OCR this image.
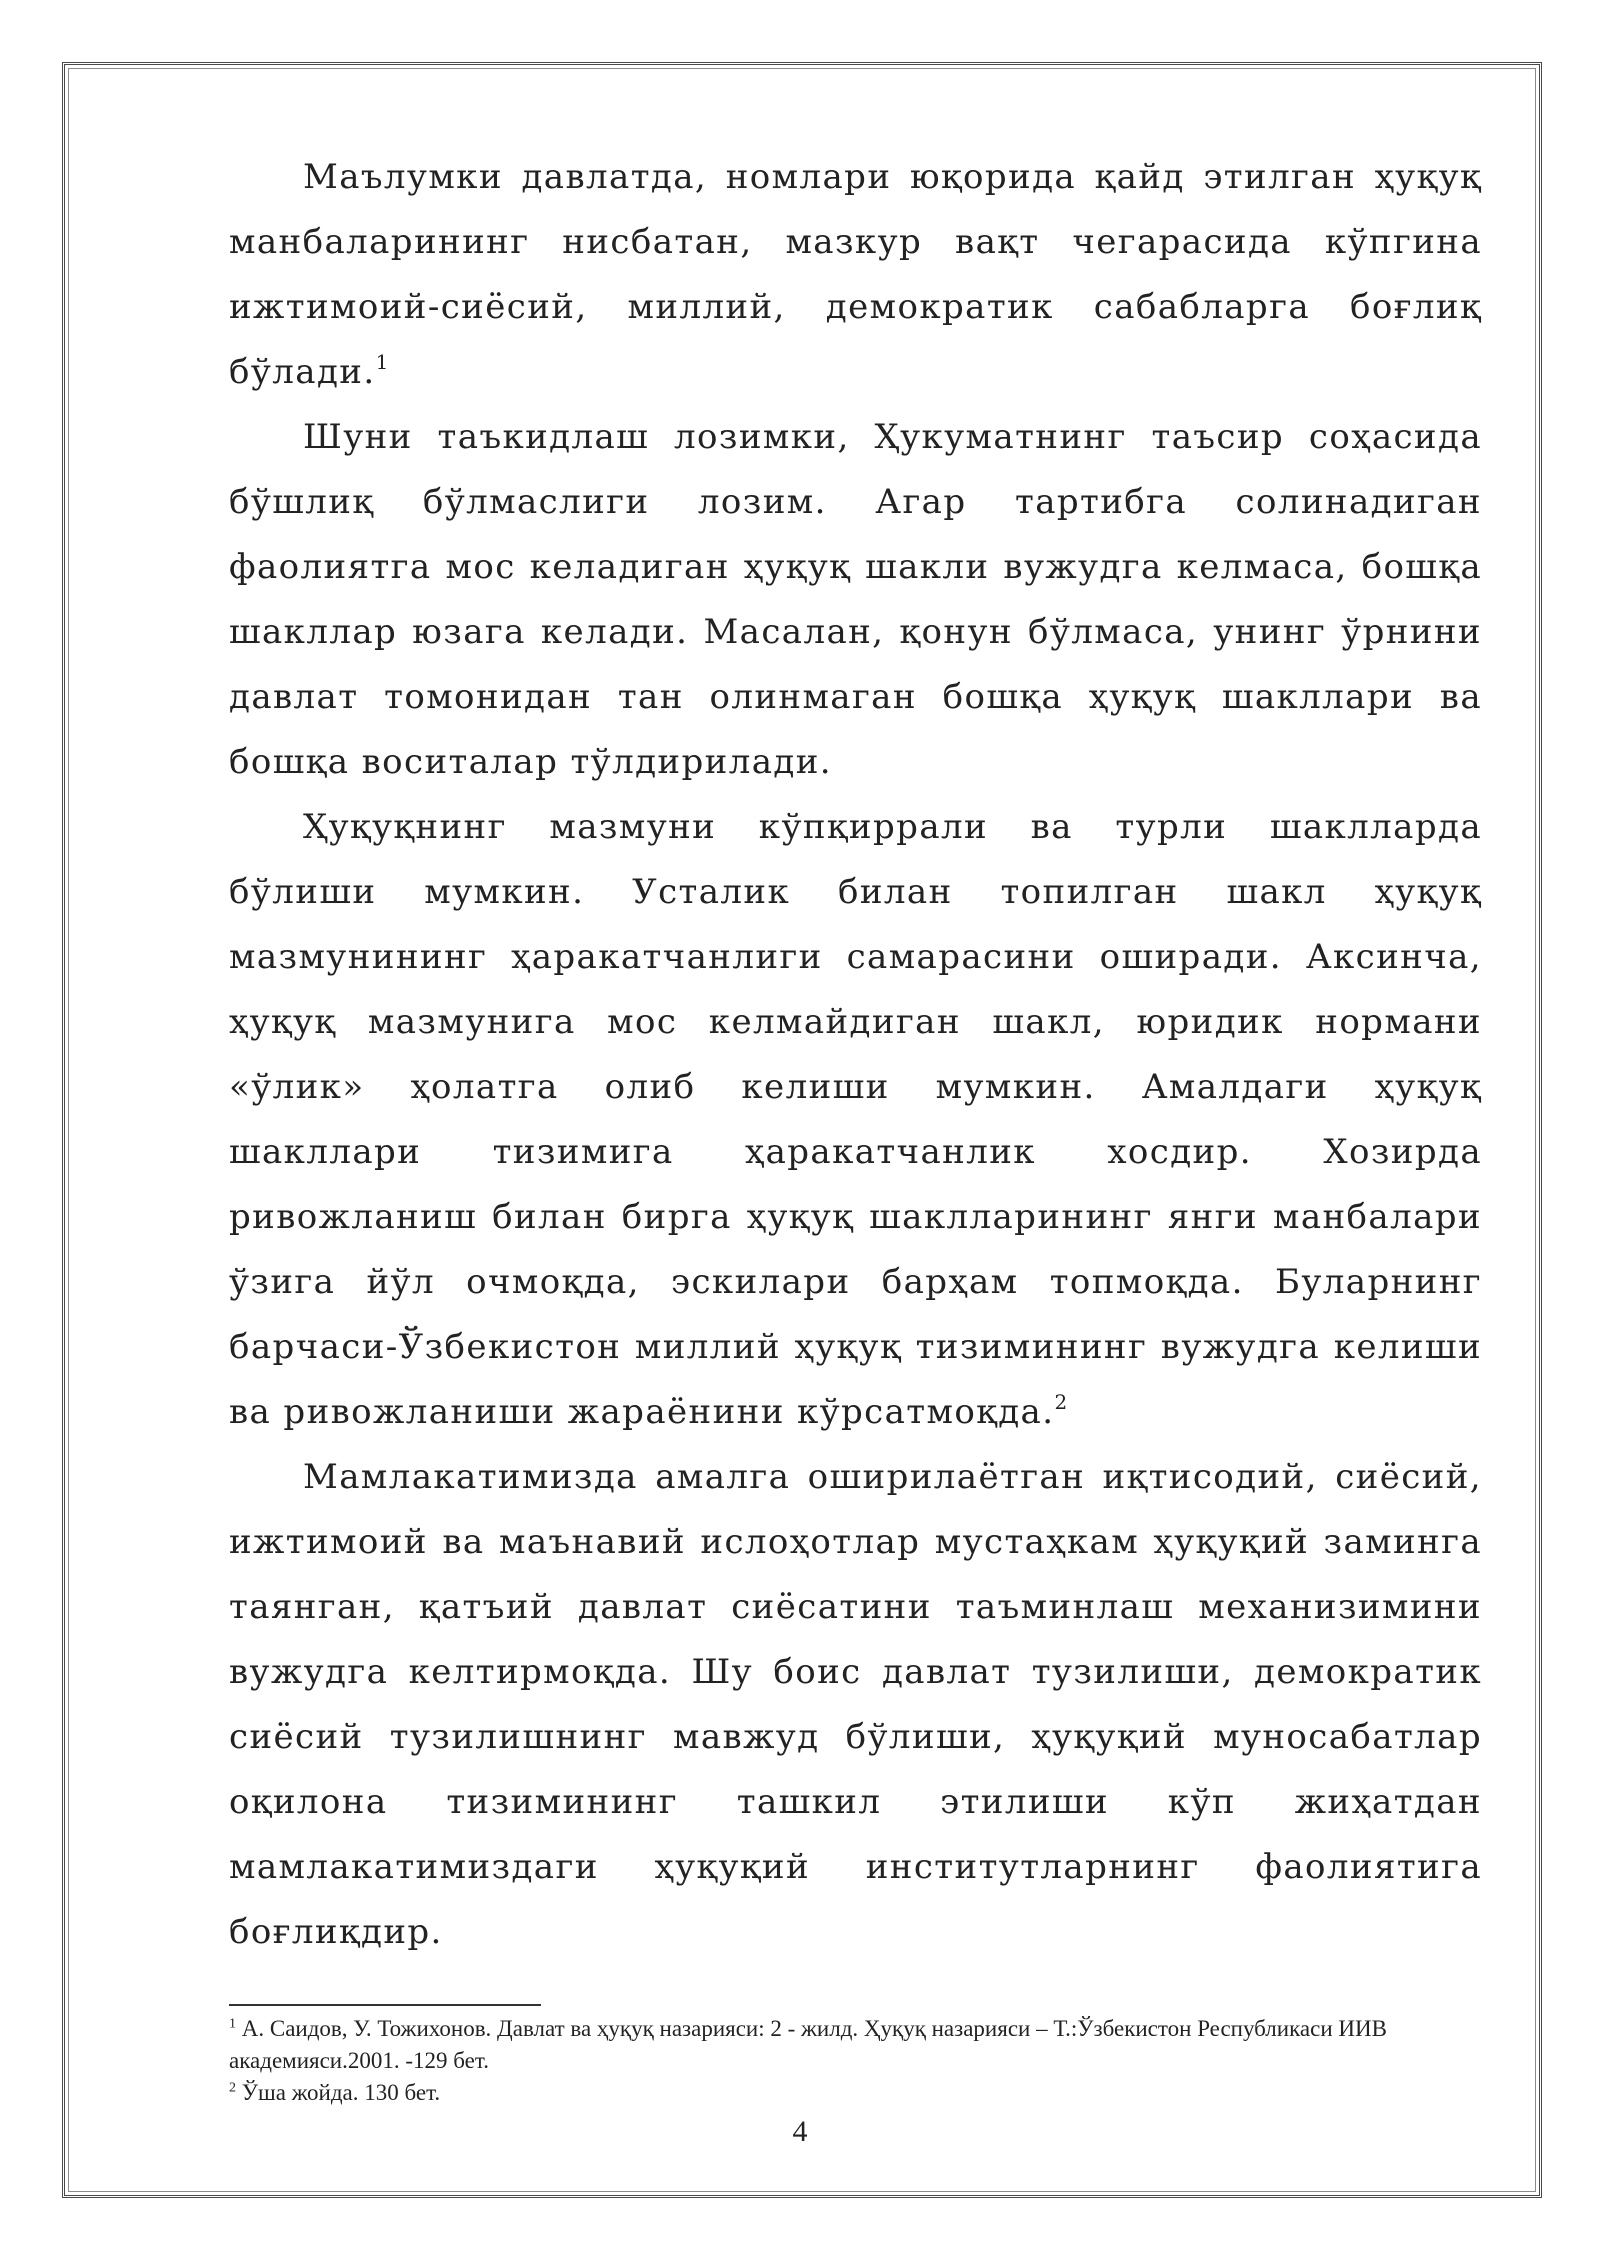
Маълумки давлатда, номлари юқорида қайд этилган ҳуқуқ манбаларининг нисбатан, мазкур вақт чегарасида кўпгина ижтимоий-сиёсий, миллий, демократик сабабларга боғлиқ бўлади.$^1$

Шуни таъкидлаш лозимки, Ҳукуматнинг таъсир соҳасида бўшлиқ бўлмаслиги лозим. Агар тартибга солинадиган фаолиятга мос келадиган ҳуқуқ шакли вужудга келмаса, бошқа шакллар юзага келади. Масалан, қонун бўлмаса, унинг ўрнини давлат томонидан тан олинмаган бошқа ҳуқуқ шакллари ва бошқа воситалар тўлдирилади.

Ҳуқуқнинг мазмуни кўпқиррали ва турли шаклларда бўлиши мумкин. Усталик билан топилган шакл ҳуқуқ мазмунининг ҳаракатчанлиги самарасини оширади. Аксинча, ҳуқуқ мазмунига мос келмайдиган шакл, юридик нормани «ўлик» ҳолатга олиб келиши мумкин. Амалдаги ҳуқуқ шакллари тизимига ҳаракатчанлик хосдир. Хозирда ривожланиш билан бирга ҳуқуқ шаклларининг янги манбалари ўзига йўл очмоқда, эскилари барҳам топмоқда. Буларнинг барчаси-Ўзбекистон миллий ҳуқуқ тизимининг вужудга келиши ва ривожланиши жараёнини кўрсатмоқда.$^2$

Мамлакатимизда амалга оширилаётган иқтисодий, сиёсий, ижтимоий ва маънавий ислоҳотлар мустаҳкам ҳуқуқий заминга таянган, қатъий давлат сиёсатини таъминлаш механизимини вужудга келтирмоқда. Шу боис давлат тузилиши, демократик сиёсий тузилишнинг мавжуд бўлиши, ҳуқуқий муносабатлар оқилона тизимининг ташкил этилиши кўп жиҳатдан мамлакатимиздаги ҳуқуқий институтларнинг фаолиятига боғлиқдир.

$^1$ А. Саидов, У. Тожихонов. Давлат ва ҳуқуқ назарияси: 2 - жилд. Ҳуқуқ назарияси – Т.:Ўзбекистон Республикаси ИИВ академияси.2001. -129 бет.

$^2$ Ўша жойда. 130 бет.

4
